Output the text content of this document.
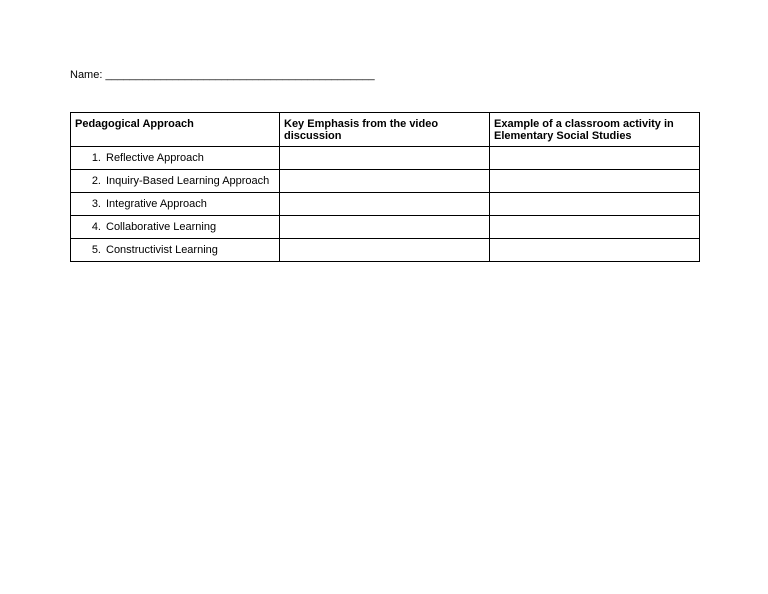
Name: ____________________________________________
Pedagogical Approach	Key Emphasis from the video discussion	Example of a classroom activity in Elementary Social Studies
1. Reflective Approach		
2. Inquiry-Based Learning Approach		
3. Integrative Approach		
4. Collaborative Learning		
5. Constructivist Learning		
